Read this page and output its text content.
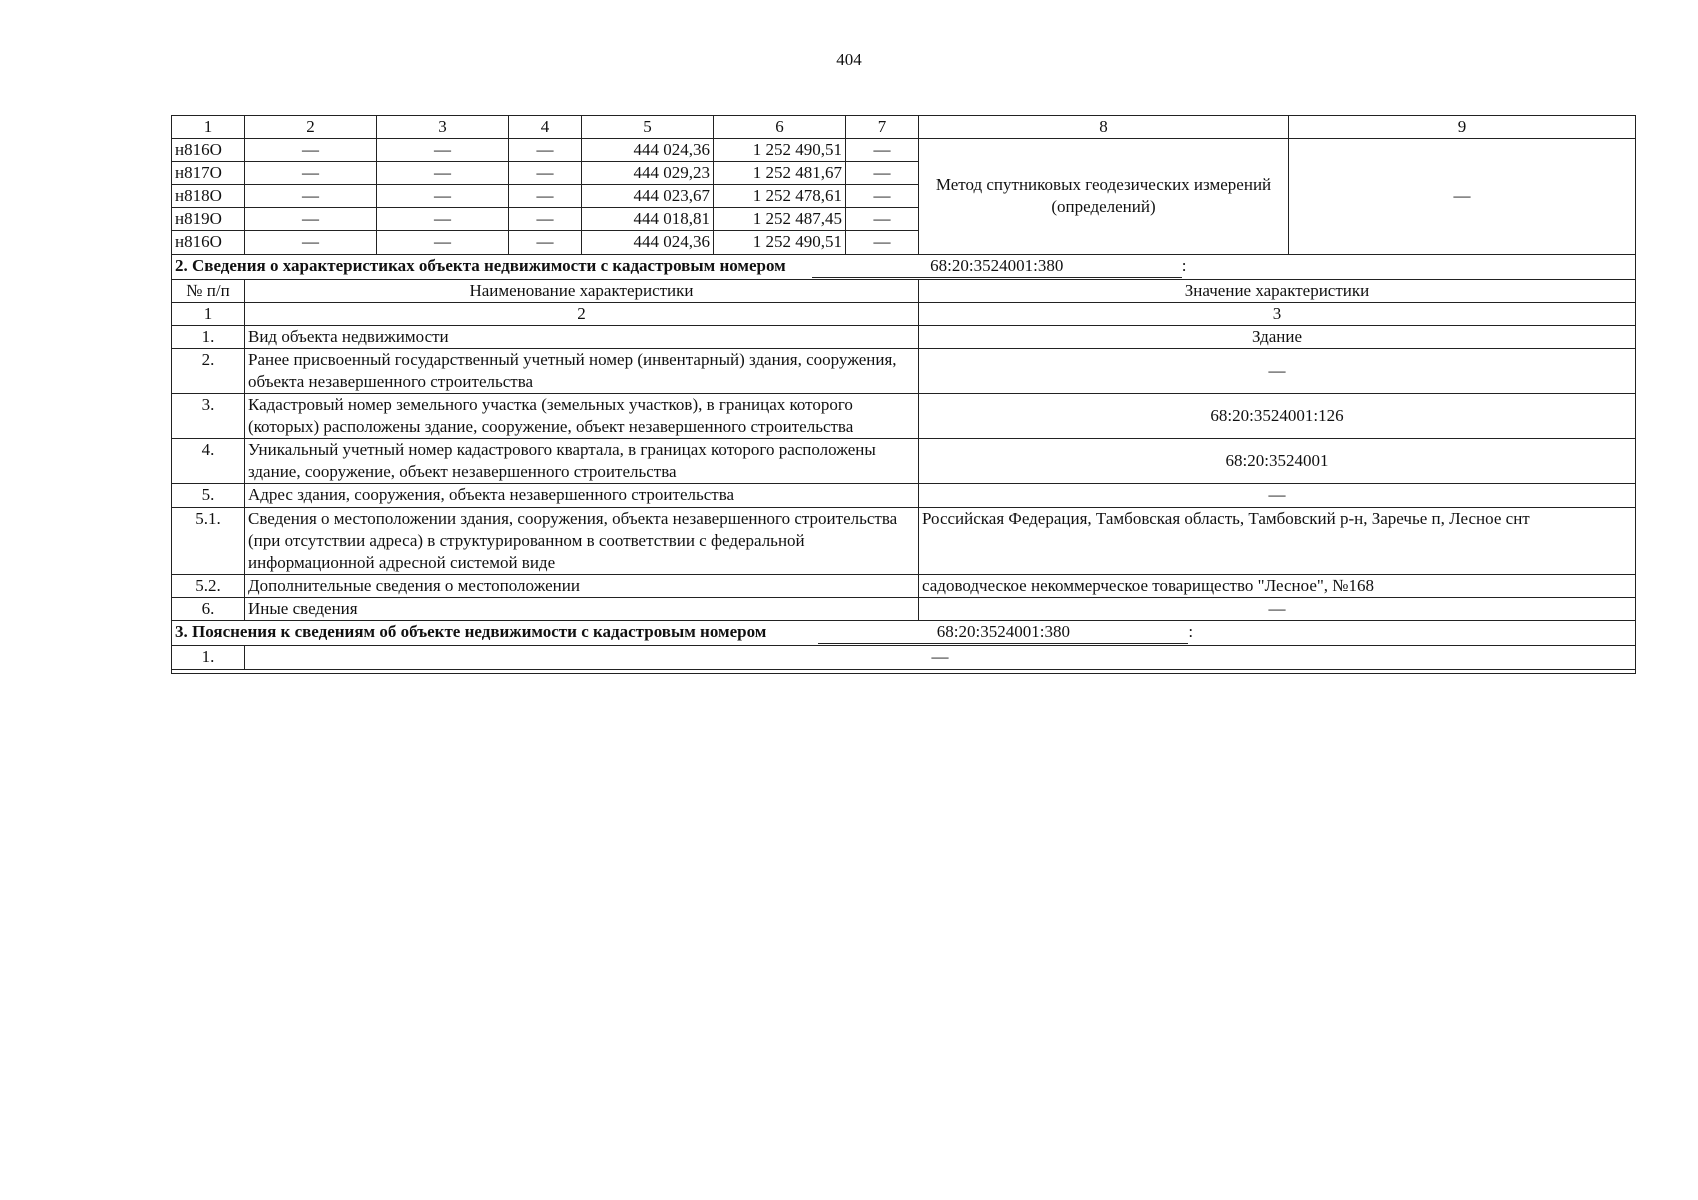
404
1	2	3	4	5	6	7	8	9
н816О	—	—	—	444 024,36	1 252 490,51	—	Метод спутниковых геодезических измерений (определений)	—
н817О	—	—	—	444 029,23	1 252 481,67	—		
н818О	—	—	—	444 023,67	1 252 478,61	—		
н819О	—	—	—	444 018,81	1 252 487,45	—		
н816О	—	—	—	444 024,36	1 252 490,51	—		
2. Сведения о характеристиках объекта недвижимости с кадастровым номером 68:20:3524001:380 :								
№ п/п	Наименование характеристики						Значение характеристики	
1	2						3	
1.	Вид объекта недвижимости						Здание	
2.	Ранее присвоенный государственный учетный номер (инвентарный) здания, сооружения, объекта незавершенного строительства						—	
3.	Кадастровый номер земельного участка (земельных участков), в границах которого (которых) расположены здание, сооружение, объект незавершенного строительства						68:20:3524001:126	
4.	Уникальный учетный номер кадастрового квартала, в границах которого расположены здание, сооружение, объект незавершенного строительства						68:20:3524001	
5.	Адрес здания, сооружения, объекта незавершенного строительства						—	
5.1.	Сведения о местоположении здания, сооружения, объекта незавершенного строительства (при отсутствии адреса) в структурированном в соответствии с федеральной информационной адресной системой виде						Российская Федерация, Тамбовская область, Тамбовский р-н, Заречье п, Лесное снт	
5.2.	Дополнительные сведения о местоположении						садоводческое некоммерческое товарищество "Лесное", №168	
6.	Иные сведения						—	
3. Пояснения к сведениям об объекте недвижимости с кадастровым номером 68:20:3524001:380 :								
1.	—							
